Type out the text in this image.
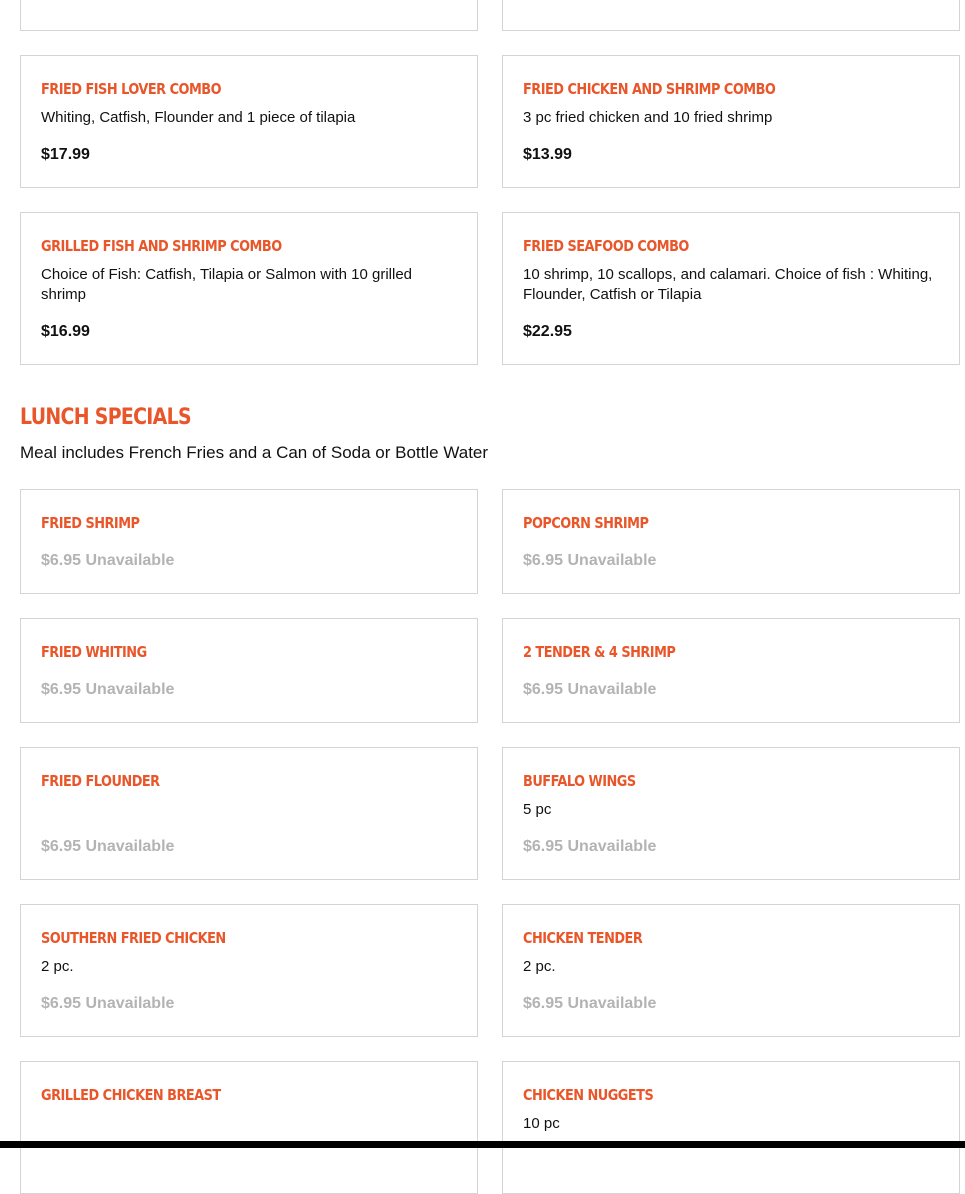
FRIED FISH LOVER COMBO
Whiting, Catfish, Flounder and 1 piece of tilapia
$17.99
FRIED CHICKEN AND SHRIMP COMBO
3 pc fried chicken and 10 fried shrimp
$13.99
GRILLED FISH AND SHRIMP COMBO
Choice of Fish: Catfish, Tilapia or Salmon with 10 grilled shrimp
$16.99
FRIED SEAFOOD COMBO
10 shrimp, 10 scallops, and calamari. Choice of fish : Whiting, Flounder, Catfish or Tilapia
$22.95
LUNCH SPECIALS
Meal includes French Fries and a Can of Soda or Bottle Water
FRIED SHRIMP
$6.95 Unavailable
POPCORN SHRIMP
$6.95 Unavailable
FRIED WHITING
$6.95 Unavailable
2 TENDER & 4 SHRIMP
$6.95 Unavailable
FRIED FLOUNDER
$6.95 Unavailable
BUFFALO WINGS
5 pc
$6.95 Unavailable
SOUTHERN FRIED CHICKEN
2 pc.
$6.95 Unavailable
CHICKEN TENDER
2 pc.
$6.95 Unavailable
GRILLED CHICKEN BREAST	CHICKEN NUGGETS
10 pc
